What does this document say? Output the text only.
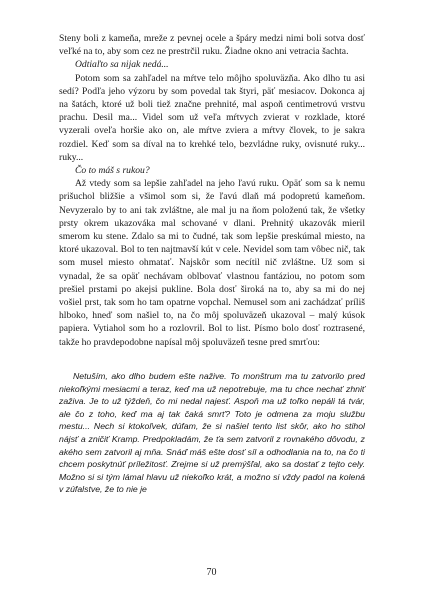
Steny boli z kameňa, mreže z pevnej ocele a špáry medzi nimi boli sotva dosť veľké na to, aby som cez ne prestrčil ruku. Žiadne okno ani vetracia šachta.

Odtiaľto sa nijak nedá...

Potom som sa zahľadel na mŕtve telo môjho spoluväzňa. Ako dlho tu asi sedí? Podľa jeho výzoru by som povedal tak štyri, päť mesiacov. Dokonca aj na šatách, ktoré už boli tiež značne prehnité, mal aspoň centimetrovú vrstvu prachu. Desil ma... Videl som už veľa mŕtvych zvierat v rozklade, ktoré vyzerali oveľa horšie ako on, ale mŕtve zviera a mŕtvy človek, to je sakra rozdiel. Keď som sa díval na to krehké telo, bezvládne ruky, ovisnuté ruky... ruky...

Čo to máš s rukou?

Až vtedy som sa lepšie zahľadel na jeho ľavú ruku. Opäť som sa k nemu prišuchol bližšie a všimol som si, že ľavú dlaň má podopretú kameňom. Nevyzeralo by to ani tak zvláštne, ale mal ju na ňom položenú tak, že všetky prsty okrem ukazováka mal schované v dlani. Prehnitý ukazovák mieril smerom ku stene. Zdalo sa mi to čudné, tak som lepšie preskúmal miesto, na ktoré ukazoval. Bol to ten najtmavší kút v cele. Nevidel som tam vôbec nič, tak som musel miesto ohmatať. Najskôr som necítil nič zvláštne. Už som si vynadal, že sa opäť nechávam oblbovať vlastnou fantáziou, no potom som prešiel prstami po akejsi pukline. Bola dosť široká na to, aby sa mi do nej vošiel prst, tak som ho tam opatrne vopchal. Nemusel som ani zachádzať príliš hlboko, hneď som našiel to, na čo môj spoluväzeň ukazoval – malý kúsok papiera. Vytiahol som ho a rozlovril. Bol to list. Písmo bolo dosť roztrasené, takže ho pravdepodobne napísal môj spoluväzeň tesne pred smrťou:

Netuším, ako dlho budem ešte nažive. To monštrum ma tu zatvorilo pred niekoľkými mesiacmi a teraz, keď ma už nepotrebuje, ma tu chce nechať zhniť zaživa. Je to už týždeň, čo mi nedal najesť. Aspoň ma už toľko nepáli tá tvár, ale čo z toho, keď ma aj tak čaká smrť? Toto je odmena za moju službu mestu... Nech si ktokoľvek, dúfam, že si našiel tento list skôr, ako ho stihol nájsť a zničiť Kramp. Predpokladám, že ťa sem zatvoril z rovnakého dôvodu, z akého sem zatvoril aj mňa. Snáď máš ešte dosť síl a odhodlania na to, na čo ti chcem poskytnúť príležitosť. Zrejme si už premýšľal, ako sa dostať z tejto cely. Možno si si tým lámal hlavu už niekoľko krát, a možno si vždy padol na kolená v zúfalstve, že to nie je

70
